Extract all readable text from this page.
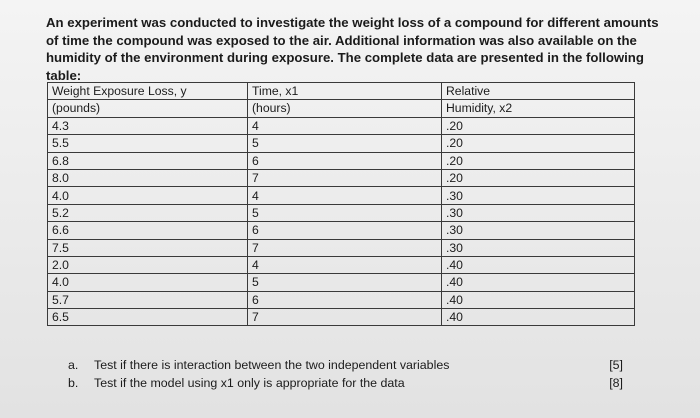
An experiment was conducted to investigate the weight loss of a compound for different amounts of time the compound was exposed to the air. Additional information was also available on the humidity of the environment during exposure. The complete data are presented in the following table:

Weight Exposure Loss, y	Time, x1	Relative
(pounds)	(hours)	Humidity, x2
4.3	4	.20
5.5	5	.20
6.8	6	.20
8.0	7	.20
4.0	4	.30
5.2	5	.30
6.6	6	.30
7.5	7	.30
2.0	4	.40
4.0	5	.40
5.7	6	.40
6.5	7	.40
a. Test if there is interaction between the two independent variables	[5]
b. Test if the model using x1 only is appropriate for the data	[8]
